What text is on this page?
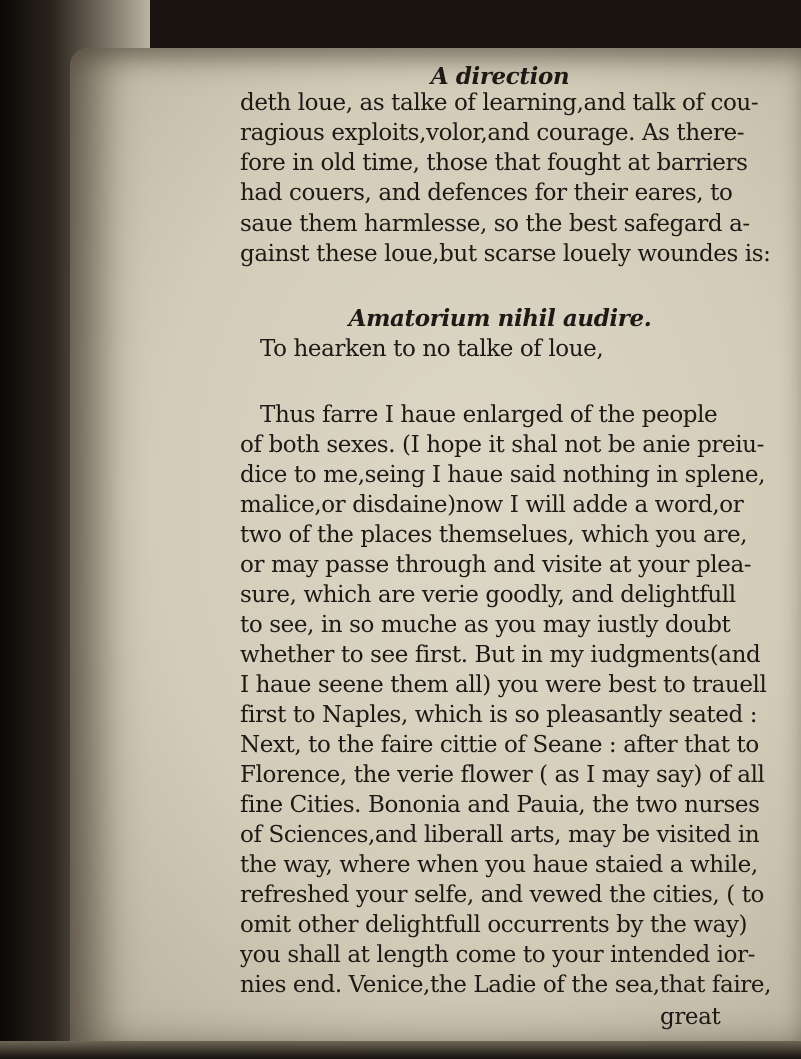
A direction
deth loue, as talke of learning,and talk of cou-
ragious exploits,volor,and courage. As there-
fore in old time, those that fought at barriers
had couers, and defences for their eares, to
saue them harmlesse, so the best safegard a-
gainst these loue,but scarse louely woundes is:
Amatorium nihil audire.
To hearken to no talke of loue,
Thus farre I haue enlarged of the people
of both sexes. (I hope it shal not be anie preiu-
dice to me,seing I haue said nothing in splene,
malice,or disdaine)now I will adde a word,or
two of the places themselues, which you are,
or may passe through and visite at your plea-
sure, which are verie goodly, and delightfull
to see, in so muche as you may iustly doubt
whether to see first. But in my iudgments(and
I haue seene them all) you were best to trauell
first to Naples, which is so pleasantly seated :
Next, to the faire cittie of Seane : after that to
Florence, the verie flower ( as I may say) of all
fine Cities. Bononia and Pauia, the two nurses
of Sciences,and liberall arts, may be visited in
the way, where when you haue staied a while,
refreshed your selfe, and vewed the cities, ( to
omit other delightfull occurrents by the way)
you shall at length come to your intended ior-
nies end. Venice,the Ladie of the sea,that faire,
great
